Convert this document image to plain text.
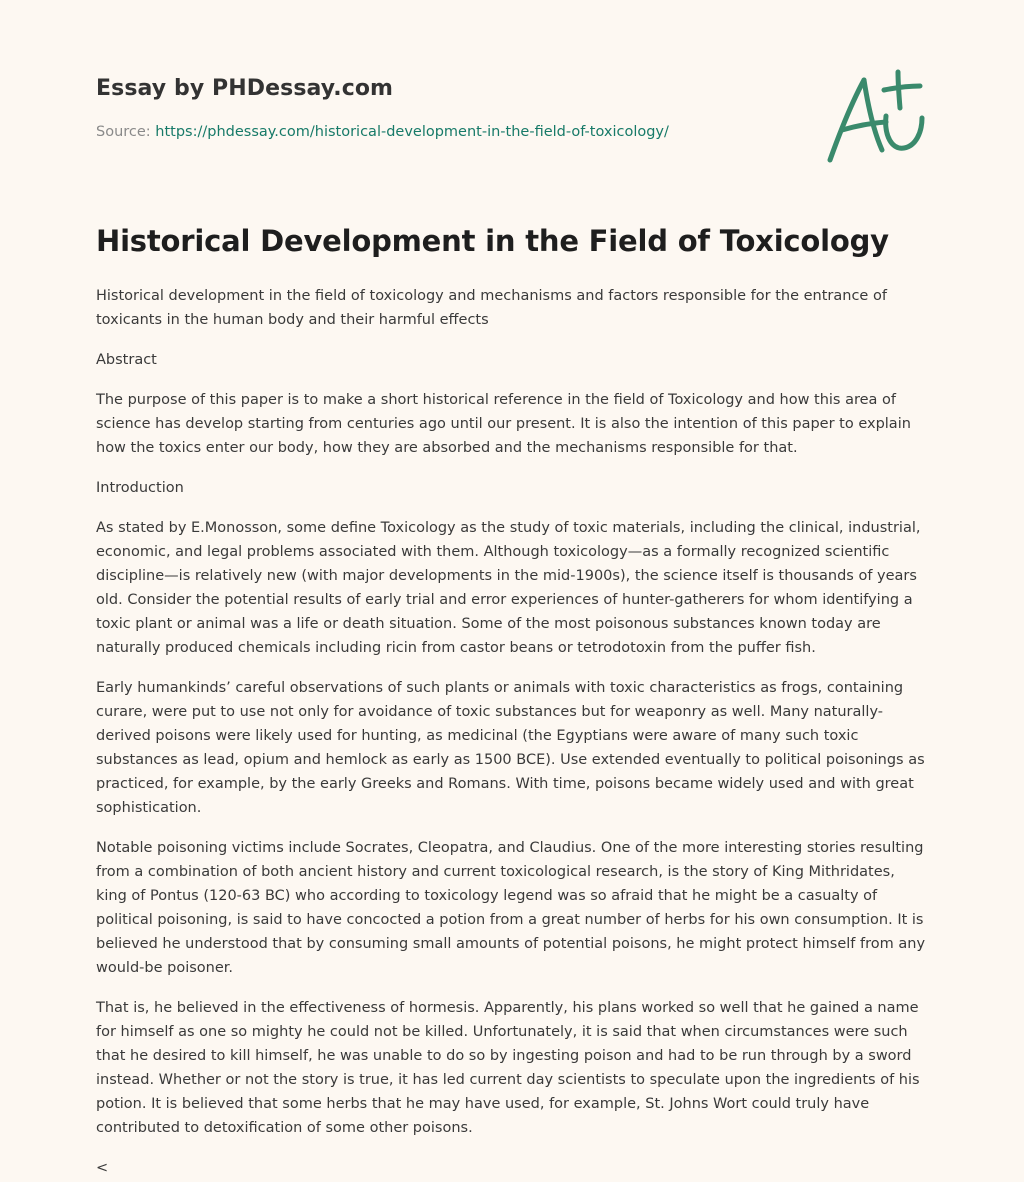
Essay by PHDessay.com
Source: https://phdessay.com/historical-development-in-the-field-of-toxicology/
Historical Development in the Field of Toxicology

Historical development in the field of toxicology and mechanisms and factors responsible for the entrance of toxicants in the human body and their harmful effects

Abstract

The purpose of this paper is to make a short historical reference in the field of Toxicology and how this area of science has develop starting from centuries ago until our present. It is also the intention of this paper to explain how the toxics enter our body, how they are absorbed and the mechanisms responsible for that.

Introduction

As stated by E.Monosson, some define Toxicology as the study of toxic materials, including the clinical, industrial, economic, and legal problems associated with them. Although toxicology—as a formally recognized scientific discipline—is relatively new (with major developments in the mid-1900s), the science itself is thousands of years old. Consider the potential results of early trial and error experiences of hunter-gatherers for whom identifying a toxic plant or animal was a life or death situation. Some of the most poisonous substances known today are naturally produced chemicals including ricin from castor beans or tetrodotoxin from the puffer fish.

Early humankinds’ careful observations of such plants or animals with toxic characteristics as frogs, containing curare, were put to use not only for avoidance of toxic substances but for weaponry as well. Many naturally-derived poisons were likely used for hunting, as medicinal (the Egyptians were aware of many such toxic substances as lead, opium and hemlock as early as 1500 BCE). Use extended eventually to political poisonings as practiced, for example, by the early Greeks and Romans. With time, poisons became widely used and with great sophistication.

Notable poisoning victims include Socrates, Cleopatra, and Claudius. One of the more interesting stories resulting from a combination of both ancient history and current toxicological research, is the story of King Mithridates, king of Pontus (120-63 BC) who according to toxicology legend was so afraid that he might be a casualty of political poisoning, is said to have concocted a potion from a great number of herbs for his own consumption. It is believed he understood that by consuming small amounts of potential poisons, he might protect himself from any would-be poisoner.

That is, he believed in the effectiveness of hormesis. Apparently, his plans worked so well that he gained a name for himself as one so mighty he could not be killed. Unfortunately, it is said that when circumstances were such that he desired to kill himself, he was unable to do so by ingesting poison and had to be run through by a sword instead. Whether or not the story is true, it has led current day scientists to speculate upon the ingredients of his potion. It is believed that some herbs that he may have used, for example, St. Johns Wort could truly have contributed to detoxification of some other poisons.

<
